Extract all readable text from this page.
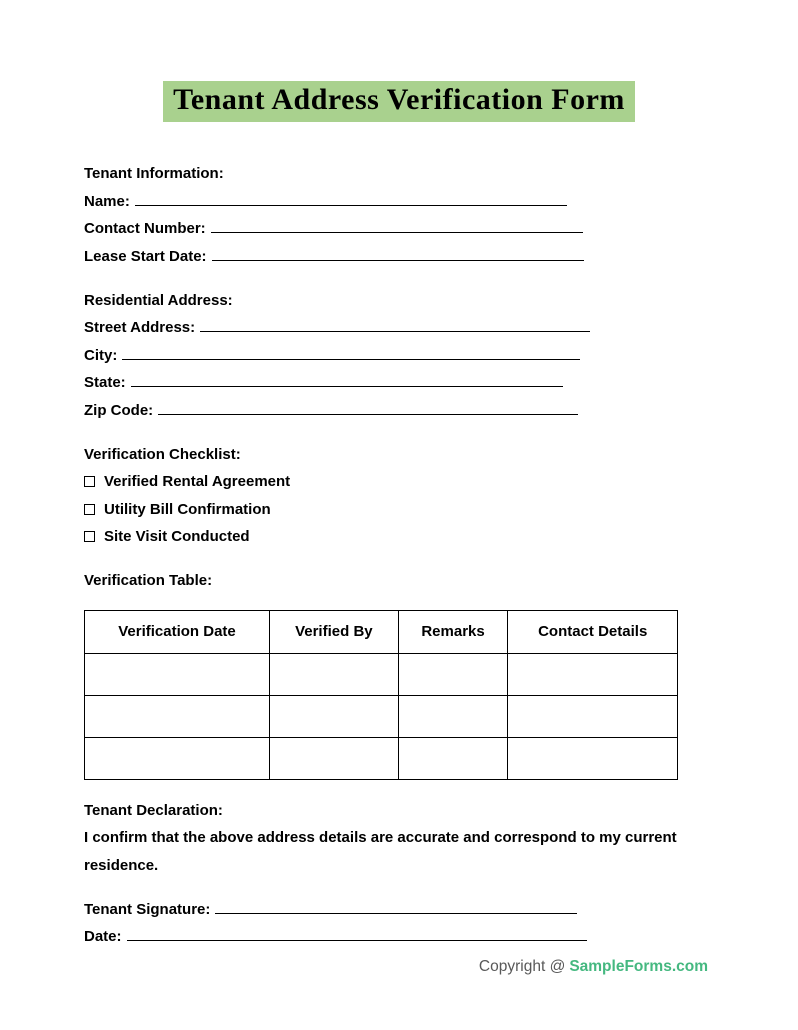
Tenant Address Verification Form
Tenant Information:
Name:
Contact Number:
Lease Start Date:
Residential Address:
Street Address:
City:
State:
Zip Code:
Verification Checklist:
Verified Rental Agreement
Utility Bill Confirmation
Site Visit Conducted
Verification Table:
Verification Date	Verified By	Remarks	Contact Details

Tenant Declaration:
I confirm that the above address details are accurate and correspond to my current residence.
Tenant Signature:
Date:
Copyright @ SampleForms.com
